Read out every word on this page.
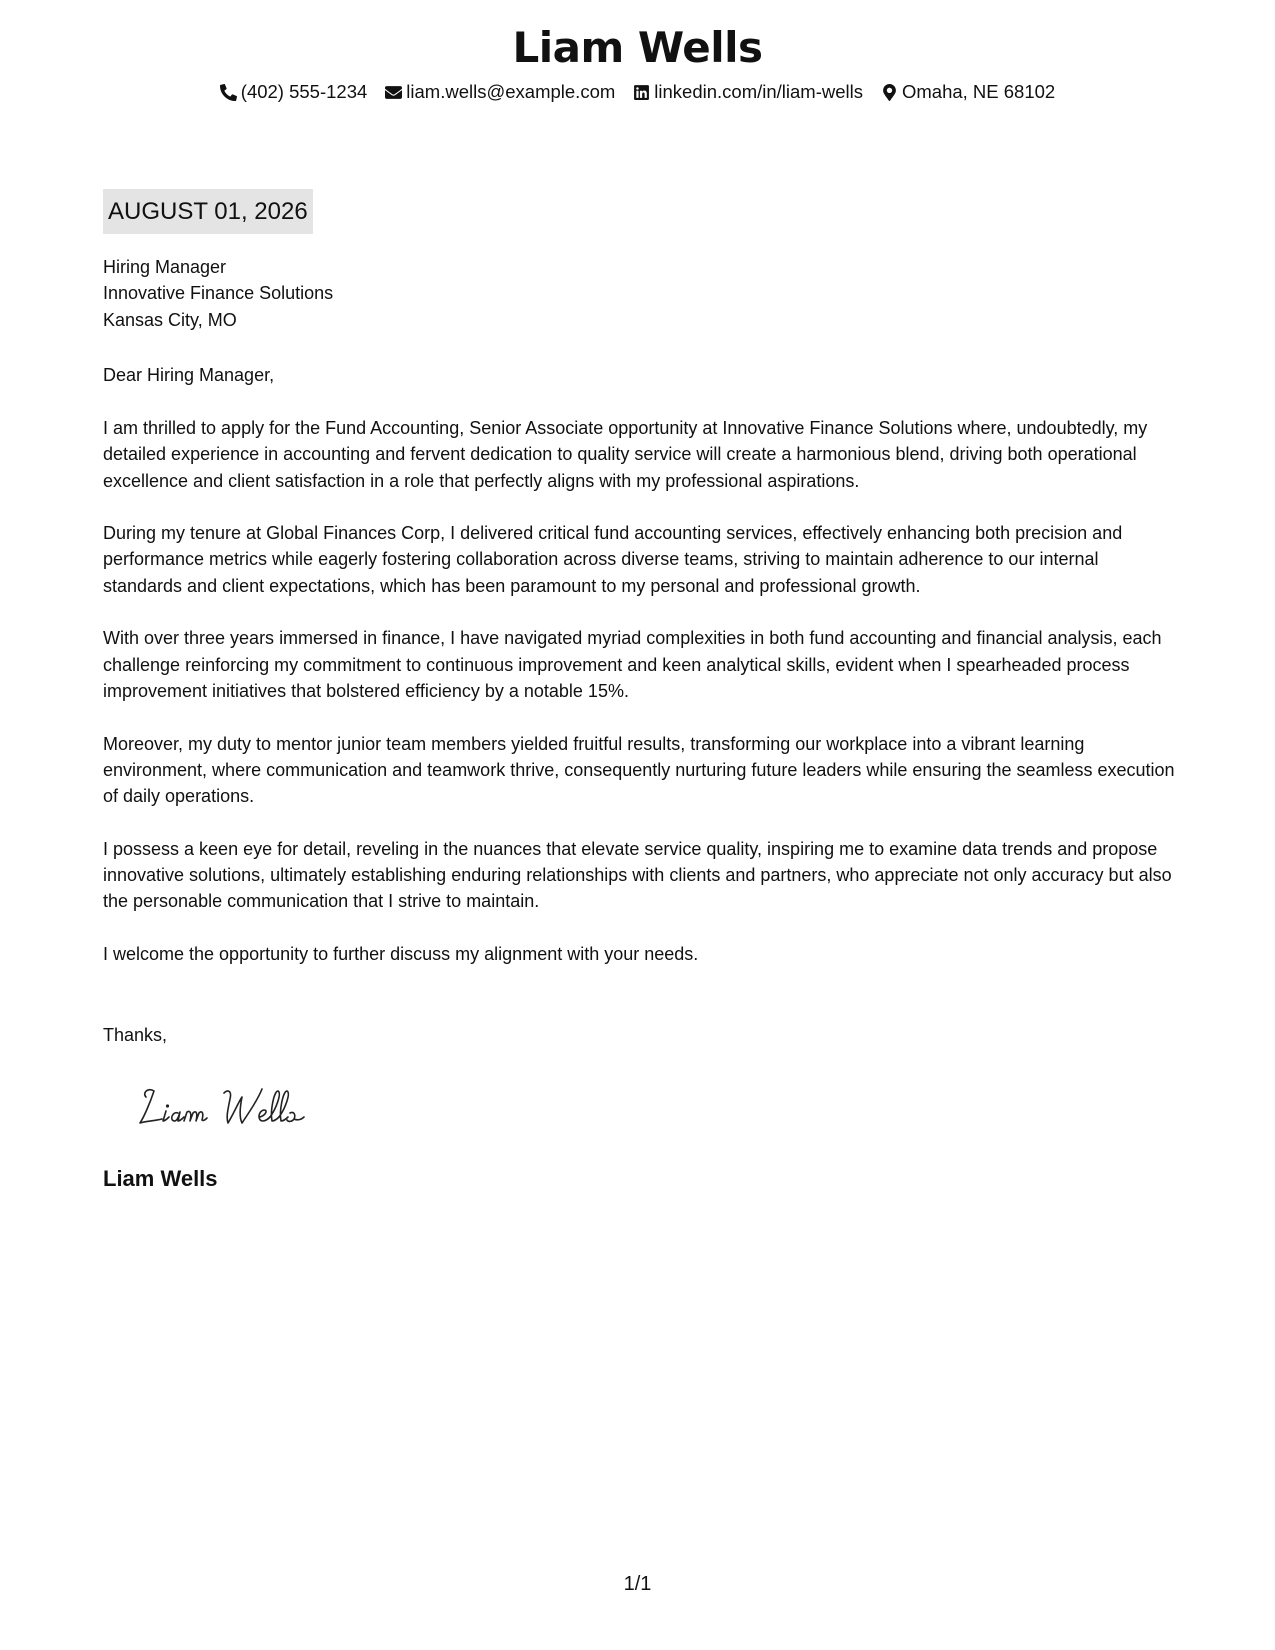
Liam Wells
(402) 555-1234 liam.wells@example.com linkedin.com/in/liam-wells Omaha, NE 68102
AUGUST 01, 2026
Hiring Manager
Innovative Finance Solutions
Kansas City, MO
Dear Hiring Manager,

I am thrilled to apply for the Fund Accounting, Senior Associate opportunity at Innovative Finance Solutions where, undoubtedly, my detailed experience in accounting and fervent dedication to quality service will create a harmonious blend, driving both operational excellence and client satisfaction in a role that perfectly aligns with my professional aspirations.

During my tenure at Global Finances Corp, I delivered critical fund accounting services, effectively enhancing both precision and performance metrics while eagerly fostering collaboration across diverse teams, striving to maintain adherence to our internal standards and client expectations, which has been paramount to my personal and professional growth.

With over three years immersed in finance, I have navigated myriad complexities in both fund accounting and financial analysis, each challenge reinforcing my commitment to continuous improvement and keen analytical skills, evident when I spearheaded process improvement initiatives that bolstered efficiency by a notable 15%.

Moreover, my duty to mentor junior team members yielded fruitful results, transforming our workplace into a vibrant learning environment, where communication and teamwork thrive, consequently nurturing future leaders while ensuring the seamless execution of daily operations.

I possess a keen eye for detail, reveling in the nuances that elevate service quality, inspiring me to examine data trends and propose innovative solutions, ultimately establishing enduring relationships with clients and partners, who appreciate not only accuracy but also the personable communication that I strive to maintain.

I welcome the opportunity to further discuss my alignment with your needs.

Thanks,
Liam Wells
1/1
